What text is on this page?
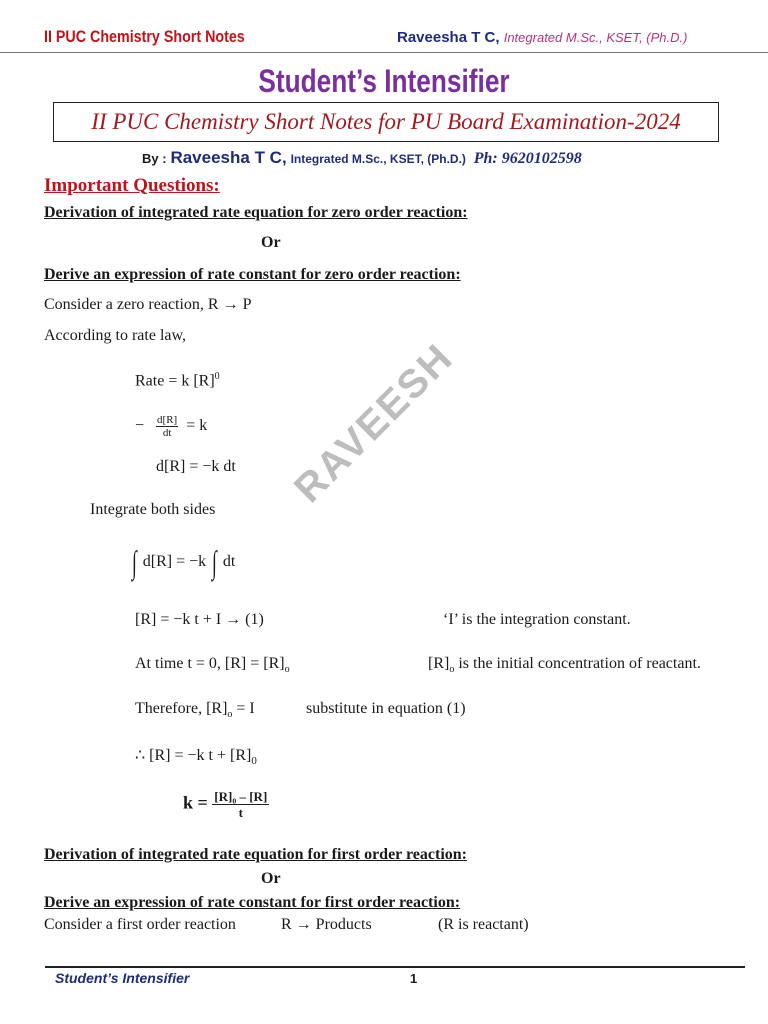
II PUC Chemistry Short Notes	Raveesha T C, Integrated M.Sc., KSET, (Ph.D.)
Student’s Intensifier
II PUC Chemistry Short Notes for PU Board Examination-2024
By : Raveesha T C, Integrated M.Sc., KSET, (Ph.D.) Ph: 9620102598
Important Questions:
Derivation of integrated rate equation for zero order reaction:
Or
Derive an expression of rate constant for zero order reaction:
Consider a zero reaction, R → P
According to rate law,
Rate = k $[R]^0$
− $\frac{d[R]}{dt} = k$
d[R] = −k dt
Integrate both sides
∫ d[R] = −k ∫ dt
[R] = −k t + I → (1)	‘I’ is the integration constant.
At time t = 0, $[R] = [R]_o$	$[R]_o$ is the initial concentration of reactant.
Therefore, $[R]_o = I$	substitute in equation (1)
∴ [R] = −k $t + [R]_0$
$k = \frac{\text{[R]₀ – [R]}}{t}$
Derivation of integrated rate equation for first order reaction:
Or
Derive an expression of rate constant for first order reaction:
Consider a first order reaction	R → Products	(R is reactant)
RAVEESH
Student’s Intensifier	1
